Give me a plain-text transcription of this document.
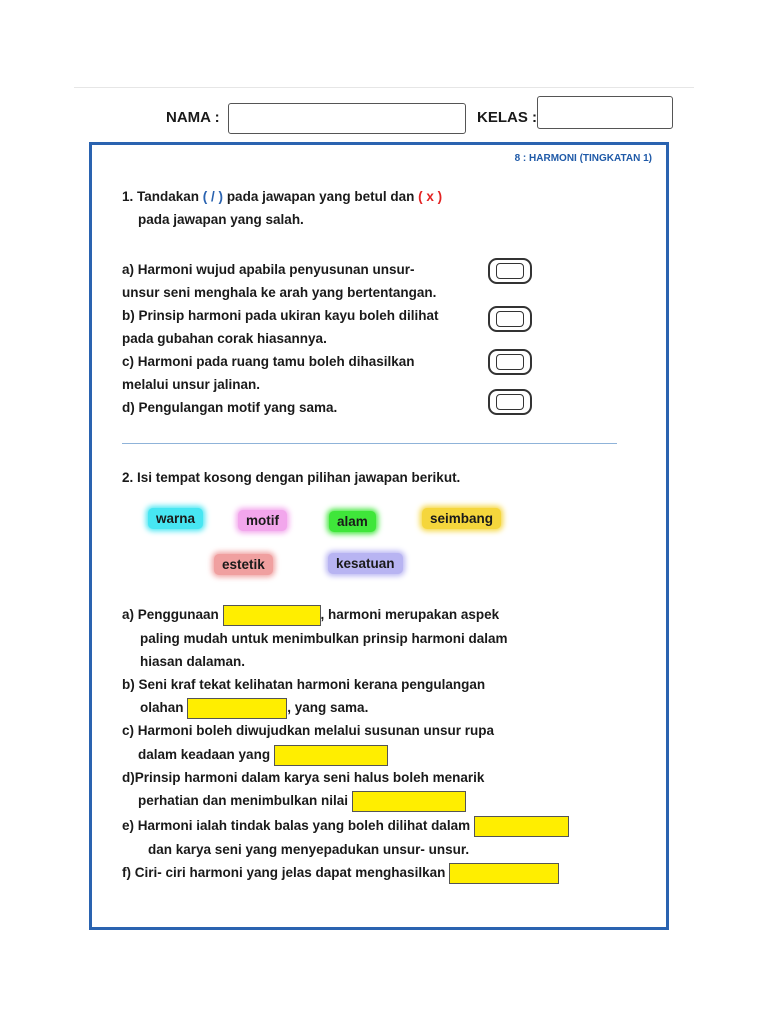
NAMA :	KELAS :
8 : HARMONI (TINGKATAN 1)
1. Tandakan ( / ) pada jawapan yang betul dan ( x )
pada jawapan yang salah.
a) Harmoni wujud apabila penyusunan unsur-
unsur seni menghala ke arah yang bertentangan.
b) Prinsip harmoni pada ukiran kayu boleh dilihat
pada gubahan corak hiasannya.
c) Harmoni pada ruang tamu boleh dihasilkan
melalui unsur jalinan.
d) Pengulangan motif yang sama.
2. Isi tempat kosong dengan pilihan jawapan berikut.
warna	motif	alam	seimbang
estetik	kesatuan
a) Penggunaan	, harmoni merupakan aspek
paling mudah untuk menimbulkan prinsip harmoni dalam
hiasan dalaman.
b) Seni kraf tekat kelihatan harmoni kerana pengulangan
olahan	, yang sama.
c) Harmoni boleh diwujudkan melalui susunan unsur rupa
dalam keadaan yang
d)Prinsip harmoni dalam karya seni halus boleh menarik
perhatian dan menimbulkan nilai
e) Harmoni ialah tindak balas yang boleh dilihat dalam
dan karya seni yang menyepadukan unsur- unsur.
f) Ciri- ciri harmoni yang jelas dapat menghasilkan
